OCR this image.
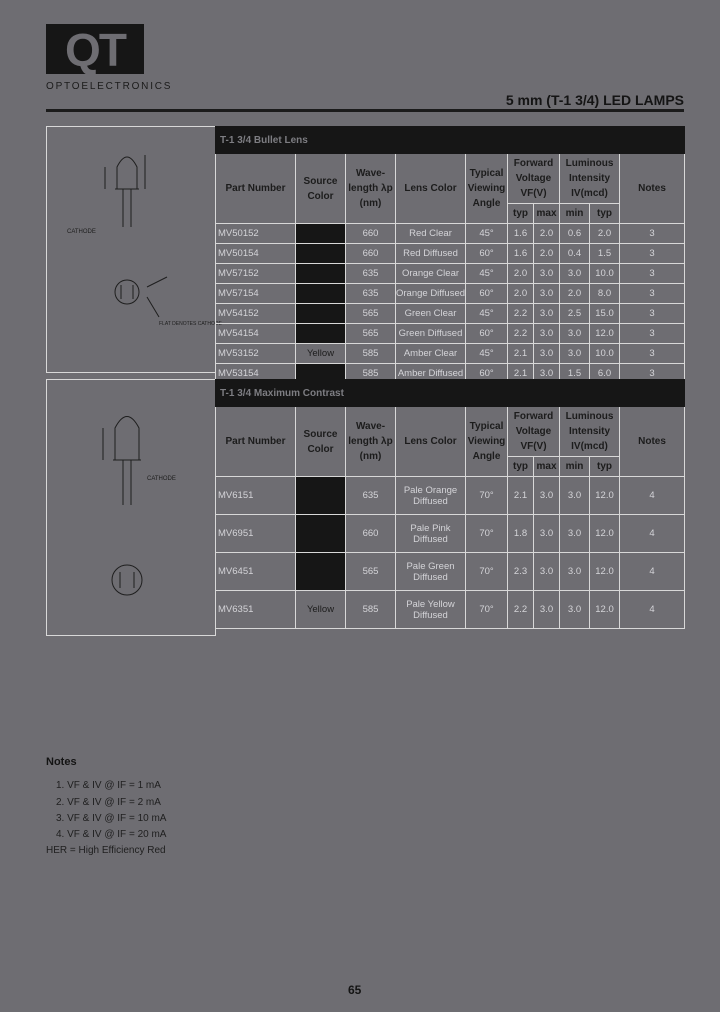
QT
OPTOELECTRONICS
5 mm (T-1 3/4) LED LAMPS
CATHODE
FLAT DENOTES CATHODE
T-1 3/4 Bullet Lens									
Part Number	Source Color	Wave- length λp (nm)	Lens Color	Typical Viewing Angle	Forward Voltage VF(V)		Luminous Intensity IV(mcd)		Notes
					typ	max	min	typ	
MV50152		660	Red Clear	45°	1.6	2.0	0.6	2.0	3
MV50154		660	Red Diffused	60°	1.6	2.0	0.4	1.5	3
MV57152		635	Orange Clear	45°	2.0	3.0	3.0	10.0	3
MV57154		635	Orange Diffused	60°	2.0	3.0	2.0	8.0	3
MV54152		565	Green Clear	45°	2.2	3.0	2.5	15.0	3
MV54154		565	Green Diffused	60°	2.2	3.0	3.0	12.0	3
MV53152	Yellow	585	Amber Clear	45°	2.1	3.0	3.0	10.0	3
MV53154		585	Amber Diffused	60°	2.1	3.0	1.5	6.0	3
CATHODE
T-1 3/4 Maximum Contrast									
Part Number	Source Color	Wave- length λp (nm)	Lens Color	Typical Viewing Angle	Forward Voltage VF(V)		Luminous Intensity IV(mcd)		Notes
					typ	max	min	typ	
MV6151		635	Pale Orange Diffused	70°	2.1	3.0	3.0	12.0	4
MV6951		660	Pale Pink Diffused	70°	1.8	3.0	3.0	12.0	4
MV6451		565	Pale Green Diffused	70°	2.3	3.0	3.0	12.0	4
MV6351	Yellow	585	Pale Yellow Diffused	70°	2.2	3.0	3.0	12.0	4
Notes
1. VF & IV @ IF = 1 mA
2. VF & IV @ IF = 2 mA
3. VF & IV @ IF = 10 mA
4. VF & IV @ IF = 20 mA
HER = High Efficiency Red
65
